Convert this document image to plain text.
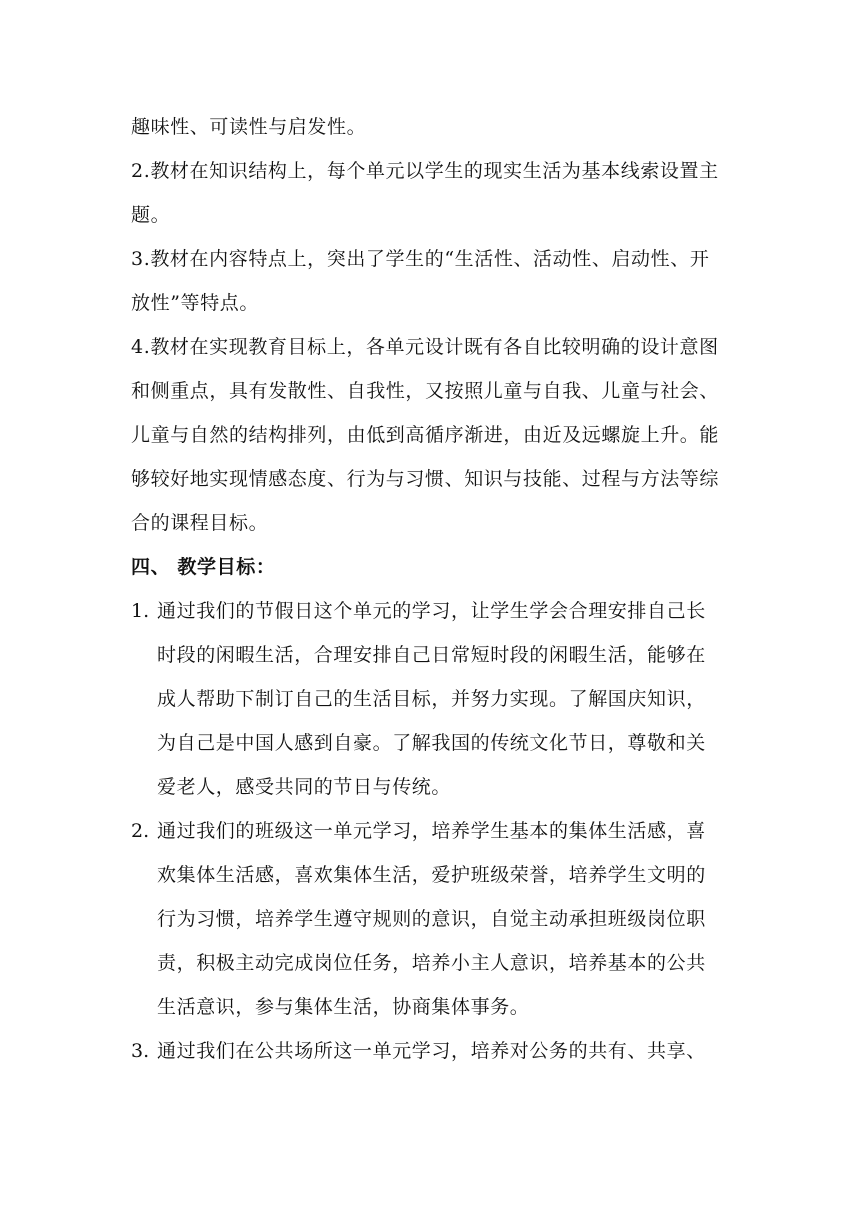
趣味性、可读性与启发性。
2.教材在知识结构上，每个单元以学生的现实生活为基本线索设置主
题。
3.教材在内容特点上，突出了学生的“生活性、活动性、启动性、开
放性”等特点。
4.教材在实现教育目标上，各单元设计既有各自比较明确的设计意图
和侧重点，具有发散性、自我性，又按照儿童与自我、儿童与社会、
儿童与自然的结构排列，由低到高循序渐进，由近及远螺旋上升。能
够较好地实现情感态度、行为与习惯、知识与技能、过程与方法等综
合的课程目标。
四、 教学目标：
1. 通过我们的节假日这个单元的学习，让学生学会合理安排自己长
时段的闲暇生活，合理安排自己日常短时段的闲暇生活，能够在
成人帮助下制订自己的生活目标，并努力实现。了解国庆知识，
为自己是中国人感到自豪。了解我国的传统文化节日，尊敬和关
爱老人，感受共同的节日与传统。
2. 通过我们的班级这一单元学习，培养学生基本的集体生活感，喜
欢集体生活感，喜欢集体生活，爱护班级荣誉，培养学生文明的
行为习惯，培养学生遵守规则的意识，自觉主动承担班级岗位职
责，积极主动完成岗位任务，培养小主人意识，培养基本的公共
生活意识，参与集体生活，协商集体事务。
3. 通过我们在公共场所这一单元学习，培养对公务的共有、共享、
